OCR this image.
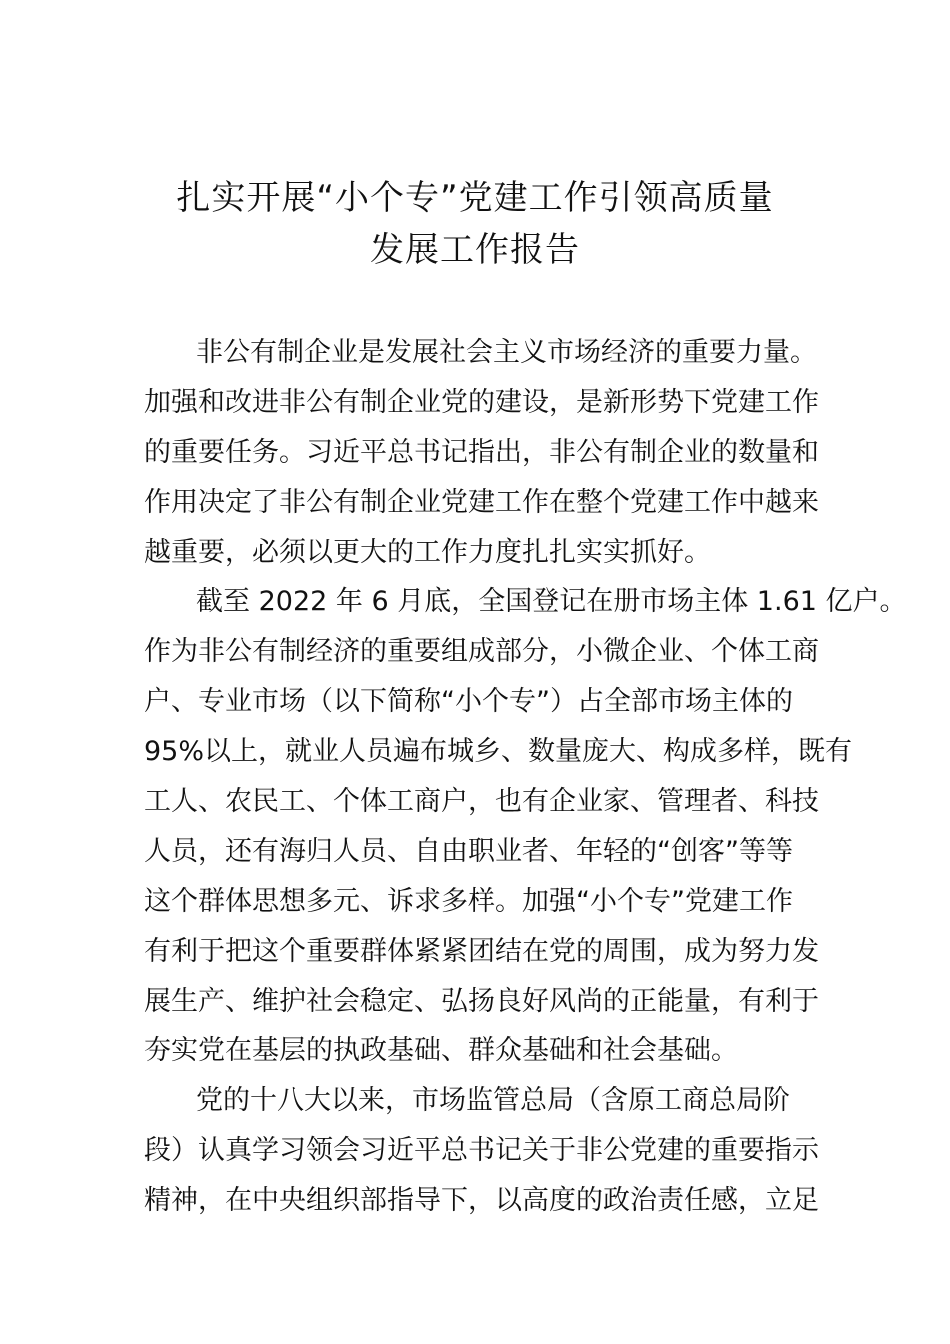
扎实开展“小个专”党建工作引领高质量
发展工作报告
非公有制企业是发展社会主义市场经济的重要力量。
加强和改进非公有制企业党的建设，是新形势下党建工作
的重要任务。习近平总书记指出，非公有制企业的数量和
作用决定了非公有制企业党建工作在整个党建工作中越来
越重要，必须以更大的工作力度扎扎实实抓好。
截至 2022 年 6 月底，全国登记在册市场主体 1.61 亿户。
作为非公有制经济的重要组成部分，小微企业、个体工商
户、专业市场（以下简称“小个专”）占全部市场主体的
95%以上，就业人员遍布城乡、数量庞大、构成多样，既有
工人、农民工、个体工商户，也有企业家、管理者、科技
人员，还有海归人员、自由职业者、年轻的“创客”等等
这个群体思想多元、诉求多样。加强“小个专”党建工作
有利于把这个重要群体紧紧团结在党的周围，成为努力发
展生产、维护社会稳定、弘扬良好风尚的正能量，有利于
夯实党在基层的执政基础、群众基础和社会基础。
党的十八大以来，市场监管总局（含原工商总局阶
段）认真学习领会习近平总书记关于非公党建的重要指示
精神，在中央组织部指导下，以高度的政治责任感，立足
